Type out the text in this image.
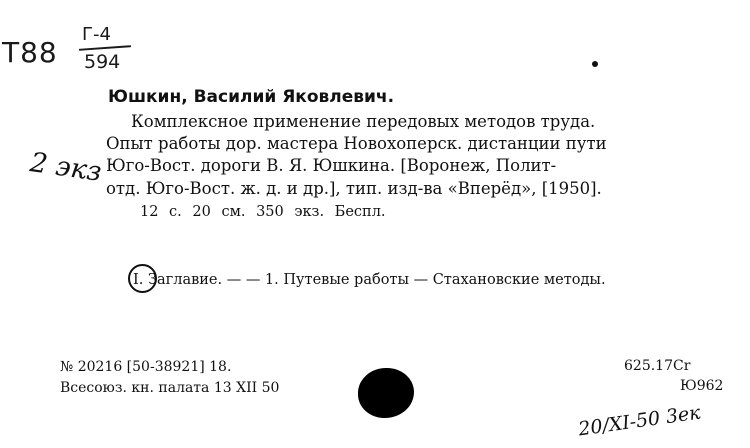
Т88
Г-4
594
Юшкин, Василий Яковлевич.
Комплексное применение передовых методов труда.
Опыт работы дор. мастера Новохоперск. дистанции пути
Юго-Вост. дороги В. Я. Юшкина. [Воронеж, Полит-
отд. Юго-Вост. ж. д. и др.], тип. изд-ва «Вперёд», [1950].
12 с. 20 см. 350 экз. Беспл.
2 экз
I. Заглавие. — — 1. Путевые работы — Стахановские методы.
№ 20216 [50-38921] 18.
Всесоюз. кн. палата 13 XII 50
625.17Cr
Ю962
20/XI-50 3ек
